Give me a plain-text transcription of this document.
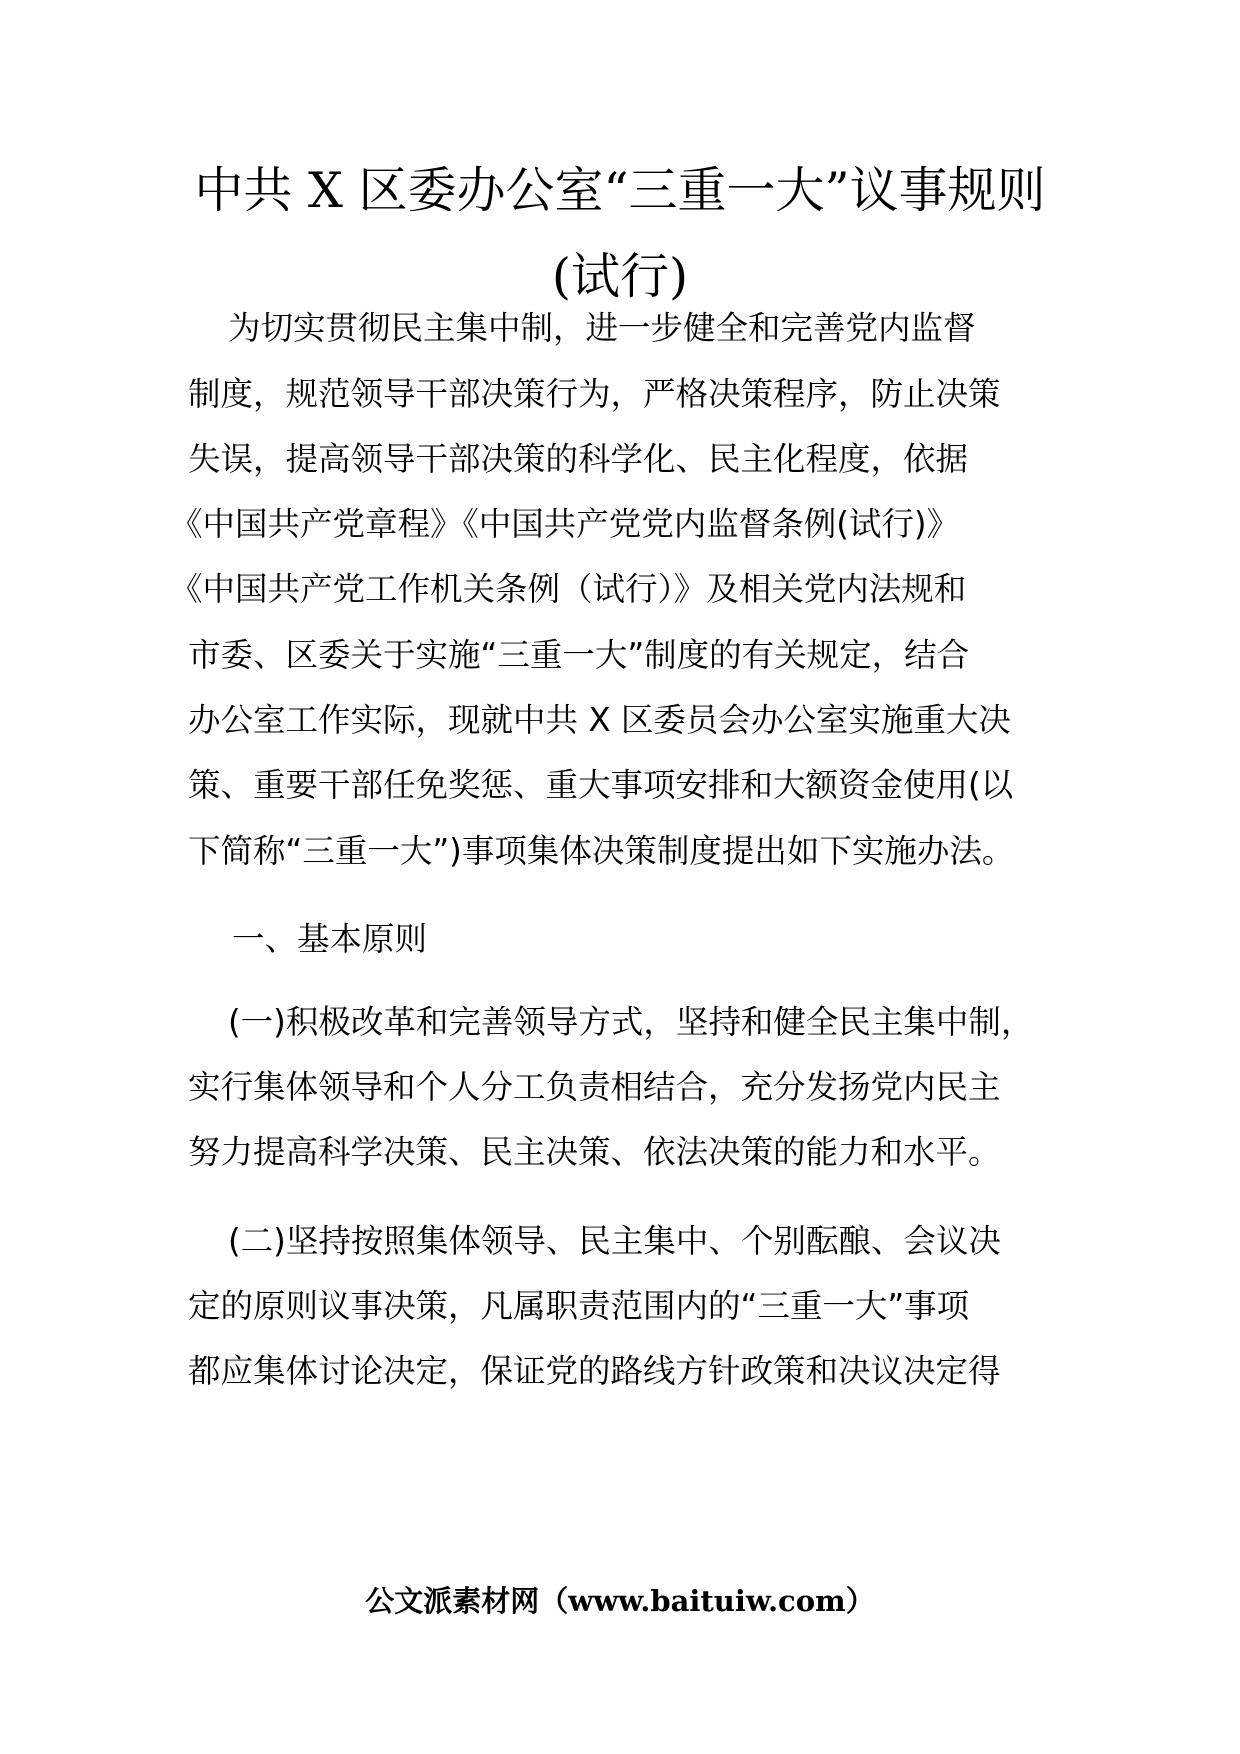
中共 X 区委办公室“三重一大”议事规则
(试行)
为切实贯彻民主集中制，进一步健全和完善党内监督
制度，规范领导干部决策行为，严格决策程序，防止决策
失误，提高领导干部决策的科学化、民主化程度，依据
《中国共产党章程》《中国共产党党内监督条例(试行)》
《中国共产党工作机关条例（试行）》及相关党内法规和
市委、区委关于实施“三重一大”制度的有关规定，结合
办公室工作实际，现就中共 X 区委员会办公室实施重大决
策、重要干部任免奖惩、重大事项安排和大额资金使用(以
下简称“三重一大”)事项集体决策制度提出如下实施办法。
一、基本原则
(一)积极改革和完善领导方式，坚持和健全民主集中制，
实行集体领导和个人分工负责相结合，充分发扬党内民主
努力提高科学决策、民主决策、依法决策的能力和水平。
(二)坚持按照集体领导、民主集中、个别酝酿、会议决
定的原则议事决策，凡属职责范围内的“三重一大”事项
都应集体讨论决定，保证党的路线方针政策和决议决定得
公文派素材网（www.baituiw.com）
